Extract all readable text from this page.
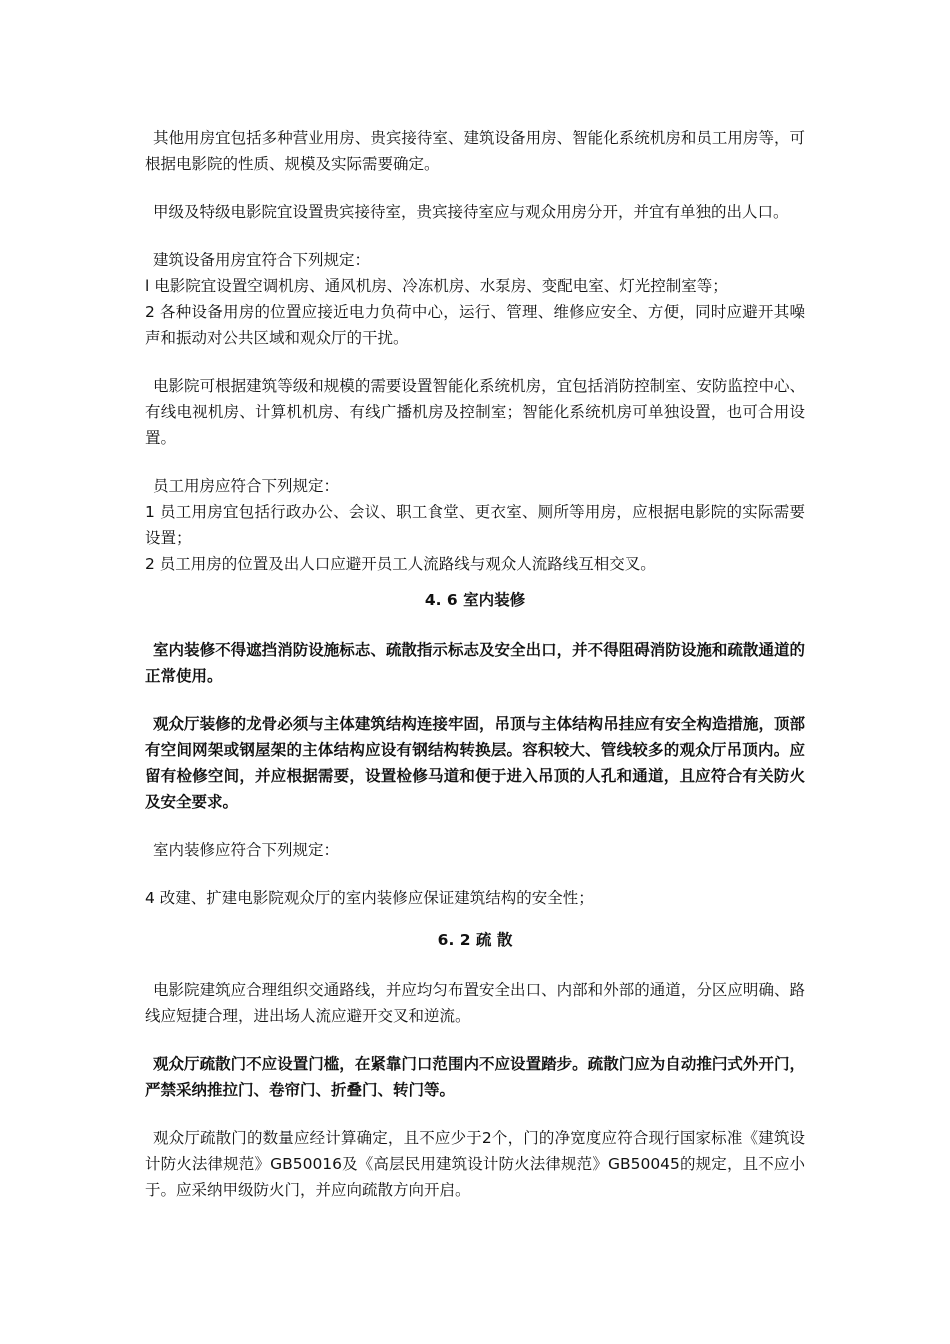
其他用房宜包括多种营业用房、贵宾接待室、建筑设备用房、智能化系统机房和员工用房等，可根据电影院的性质、规模及实际需要确定。

甲级及特级电影院宜设置贵宾接待室，贵宾接待室应与观众用房分开，并宜有单独的出人口。

建筑设备用房宜符合下列规定：

l 电影院宜设置空调机房、通风机房、冷冻机房、水泵房、变配电室、灯光控制室等；

2 各种设备用房的位置应接近电力负荷中心，运行、管理、维修应安全、方便，同时应避开其噪声和振动对公共区域和观众厅的干扰。

电影院可根据建筑等级和规模的需要设置智能化系统机房，宜包括消防控制室、安防监控中心、有线电视机房、计算机机房、有线广播机房及控制室；智能化系统机房可单独设置，也可合用设置。

员工用房应符合下列规定：

1 员工用房宜包括行政办公、会议、职工食堂、更衣室、厕所等用房，应根据电影院的实际需要设置；

2 员工用房的位置及出人口应避开员工人流路线与观众人流路线互相交叉。

4. 6 室内装修

室内装修不得遮挡消防设施标志、疏散指示标志及安全出口，并不得阻碍消防设施和疏散通道的正常使用。

观众厅装修的龙骨必须与主体建筑结构连接牢固，吊顶与主体结构吊挂应有安全构造措施，顶部有空间网架或钢屋架的主体结构应设有钢结构转换层。容积较大、管线较多的观众厅吊顶内。应留有检修空间，并应根据需要，设置检修马道和便于进入吊顶的人孔和通道，且应符合有关防火及安全要求。

室内装修应符合下列规定：

4 改建、扩建电影院观众厅的室内装修应保证建筑结构的安全性；

6. 2 疏 散

电影院建筑应合理组织交通路线，并应均匀布置安全出口、内部和外部的通道，分区应明确、路线应短捷合理，进出场人流应避开交叉和逆流。

观众厅疏散门不应设置门槛，在紧靠门口范围内不应设置踏步。疏散门应为自动推闩式外开门，严禁采纳推拉门、卷帘门、折叠门、转门等。

观众厅疏散门的数量应经计算确定，且不应少于2个，门的净宽度应符合现行国家标准《建筑设计防火法律规范》GB50016及《高层民用建筑设计防火法律规范》GB50045的规定，且不应小于。应采纳甲级防火门，并应向疏散方向开启。
